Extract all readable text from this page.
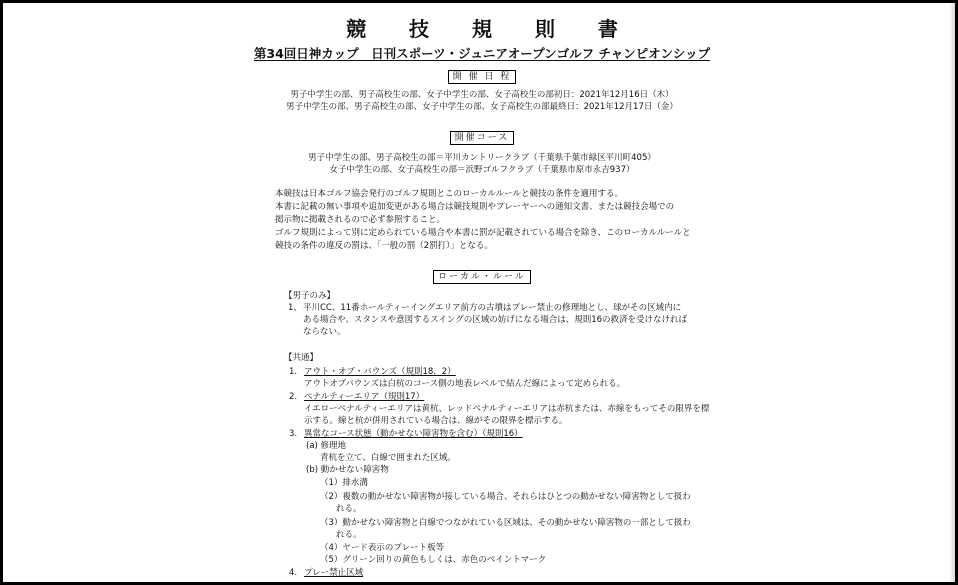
競 技 規 則 書
第34回日神カップ　日刊スポーツ・ジュニアオープンゴルフ チャンピオンシップ
開 催 日 程
男子中学生の部、男子高校生の部、女子中学生の部、女子高校生の部初日：2021年12月16日（木）
男子中学生の部、男子高校生の部、女子中学生の部、女子高校生の部最終日：2021年12月17日（金）
開催コース
男子中学生の部、男子高校生の部＝平川カントリークラブ（千葉県千葉市緑区平川町405）
女子中学生の部、女子高校生の部＝浜野ゴルフクラブ（千葉県市原市永吉937）
本競技は日本ゴルフ協会発行のゴルフ規則とこのローカルルールと競技の条件を適用する。
本書に記載の無い事項や追加変更がある場合は競技規則やプレーヤーへの通知文書、または競技会場での
掲示物に掲載されるので必ず参照すること。
ゴルフ規則によって別に定められている場合や本書に罰が記載されている場合を除き、このローカルルールと
競技の条件の違反の罰は、「一般の罰（2罰打）」となる。
ローカル・ルール
【男子のみ】
1、 平川CC、11番ホールティーイングエリア前方の古墳はプレー禁止の修理地とし、球がその区域内に
ある場合や、スタンスや意図するスイングの区域の妨げになる場合は、規則16の救済を受けなければ
ならない。
【共通】
1. アウト・オブ・バウンズ（規則18．2）
アウトオブバウンズは白杭のコース側の地表レベルで結んだ線によって定められる。
2. ペナルティーエリア（規則17）
イエローペナルティーエリアは黄杭、レッドペナルティーエリアは赤杭または、赤線をもってその限界を標
示する。線と杭が併用されている場合は、線がその限界を標示する。
3. 異常なコース状態（動かせない障害物を含む）（規則16）
(a) 修理地
青杭を立て、白線で囲まれた区域。
(b) 動かせない障害物
（1）排水溝
（2）複数の動かせない障害物が接している場合、それらはひとつの動かせない障害物として扱わ
れる。
（3）動かせない障害物と白線でつながれている区域は、その動かせない障害物の一部として扱わ
れる。
（4）ヤード表示のプレート板等
（5）グリーン回りの黄色もしくは、赤色のペイントマーク
4. プレー禁止区域
